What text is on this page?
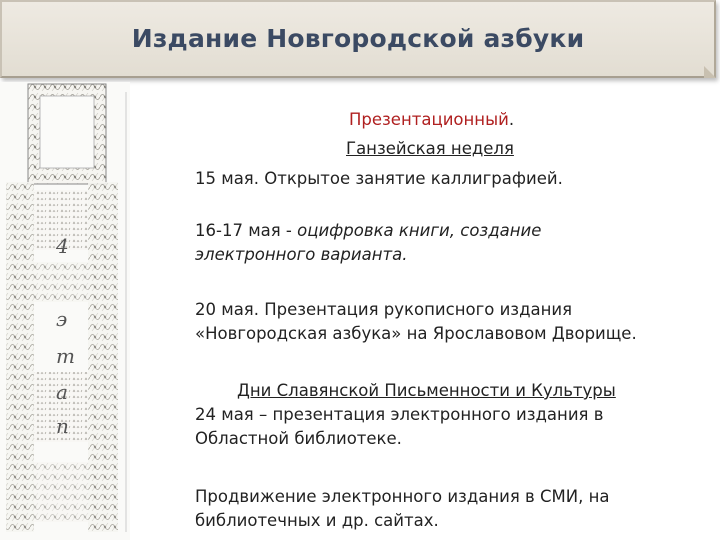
Издание Новгородской азбуки
4
э
т
а
п
Презентационный.
Ганзейская неделя
15 мая. Открытое занятие каллиграфией.
16-17 мая - оцифровка книги, создание электронного варианта.
20 мая. Презентация рукописного издания
«Новгородская азбука» на Ярославовом Дворище.
Дни Славянской Письменности и Культуры
24 мая – презентация электронного издания в
Областной библиотеке.
Продвижение электронного издания в СМИ, на
библиотечных и др. сайтах.
